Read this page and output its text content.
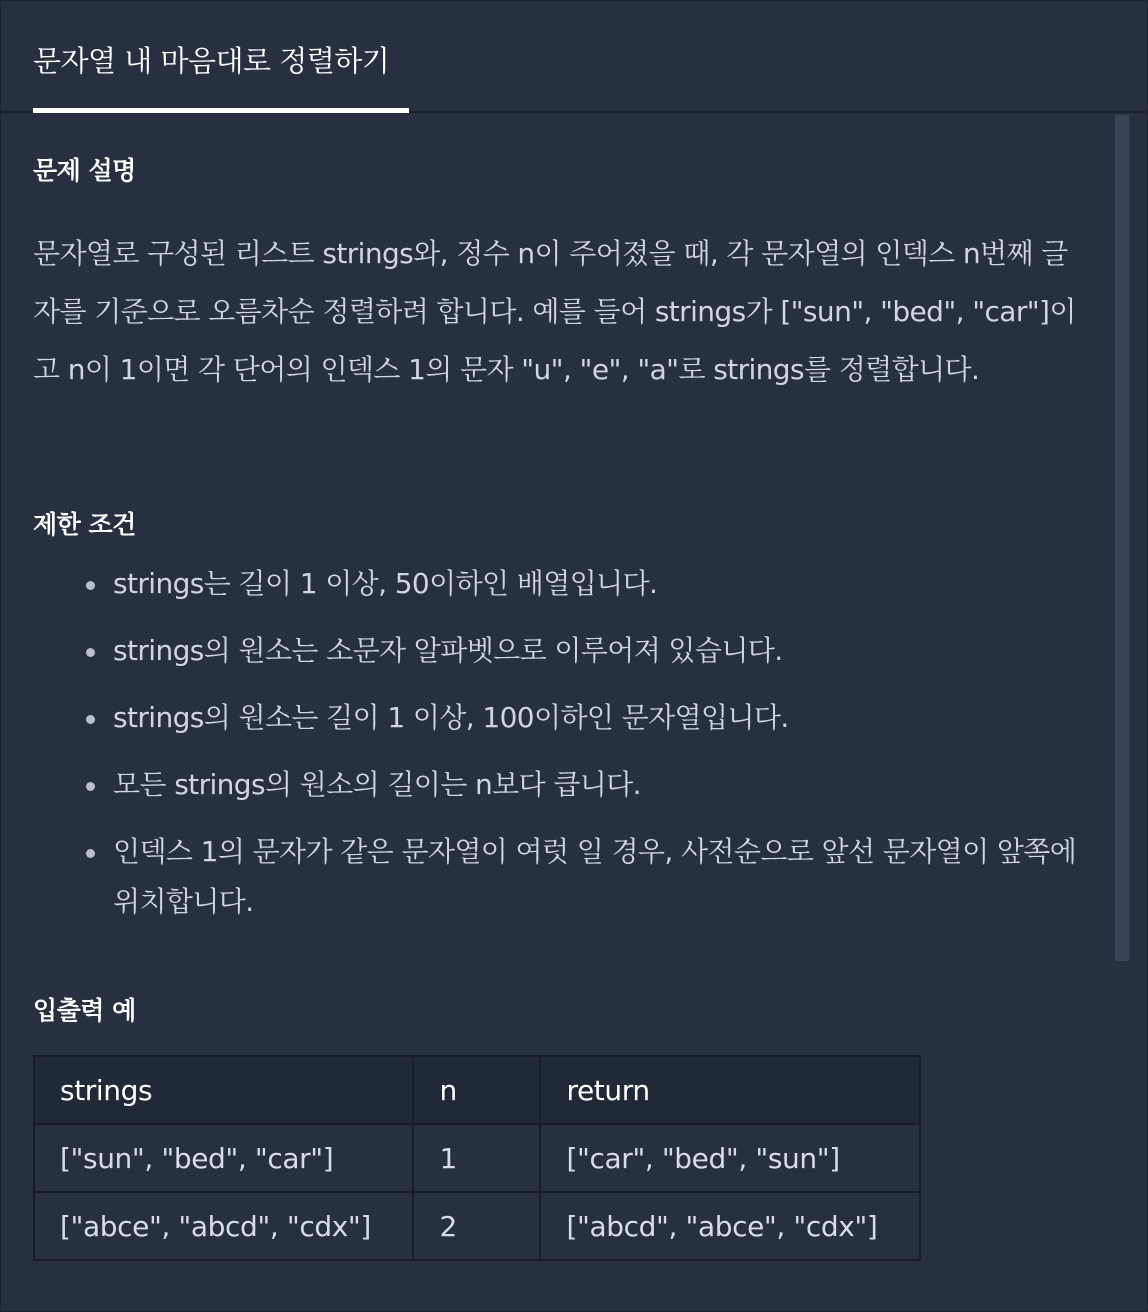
문자열 내 마음대로 정렬하기
문제 설명
문자열로 구성된 리스트 strings와, 정수 n이 주어졌을 때, 각 문자열의 인덱스 n번째 글자를 기준으로 오름차순 정렬하려 합니다. 예를 들어 strings가 ["sun", "bed", "car"]이고 n이 1이면 각 단어의 인덱스 1의 문자 "u", "e", "a"로 strings를 정렬합니다.
제한 조건
strings는 길이 1 이상, 50이하인 배열입니다.
strings의 원소는 소문자 알파벳으로 이루어져 있습니다.
strings의 원소는 길이 1 이상, 100이하인 문자열입니다.
모든 strings의 원소의 길이는 n보다 큽니다.
인덱스 1의 문자가 같은 문자열이 여럿 일 경우, 사전순으로 앞선 문자열이 앞쪽에 위치합니다.
입출력 예
strings	n	return
["sun", "bed", "car"]	1	["car", "bed", "sun"]
["abce", "abcd", "cdx"]	2	["abcd", "abce", "cdx"]
